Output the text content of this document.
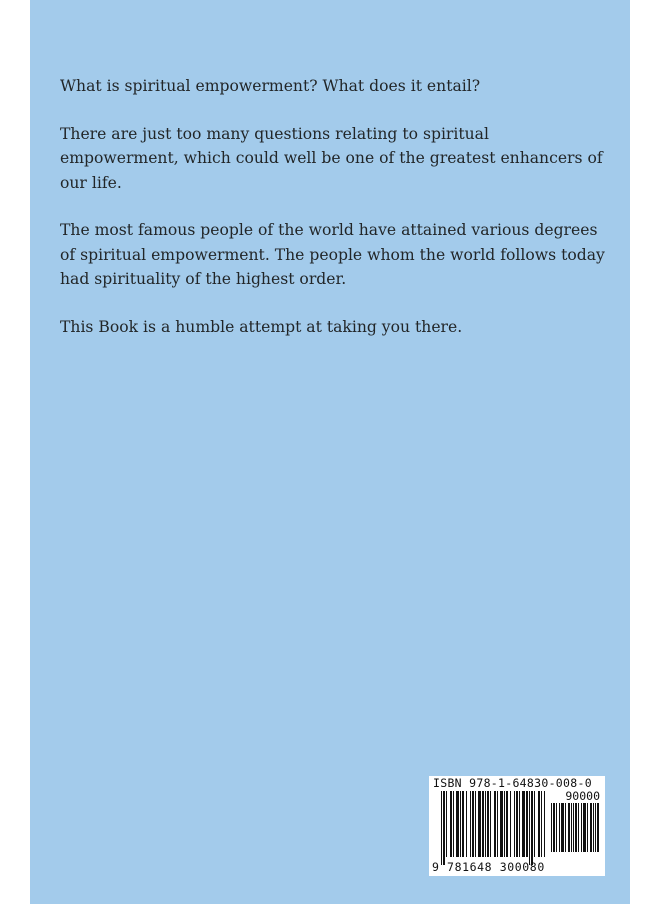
What is spiritual empowerment? What does it entail?

There are just too many questions relating to spiritual empowerment, which could well be one of the greatest enhancers of our life.

The most famous people of the world have attained various degrees of spiritual empowerment. The people whom the world follows today had spirituality of the highest order.

This Book is a humble attempt at taking you there.

ISBN 978-1-64830-008-0
90000
9 781648 300080
